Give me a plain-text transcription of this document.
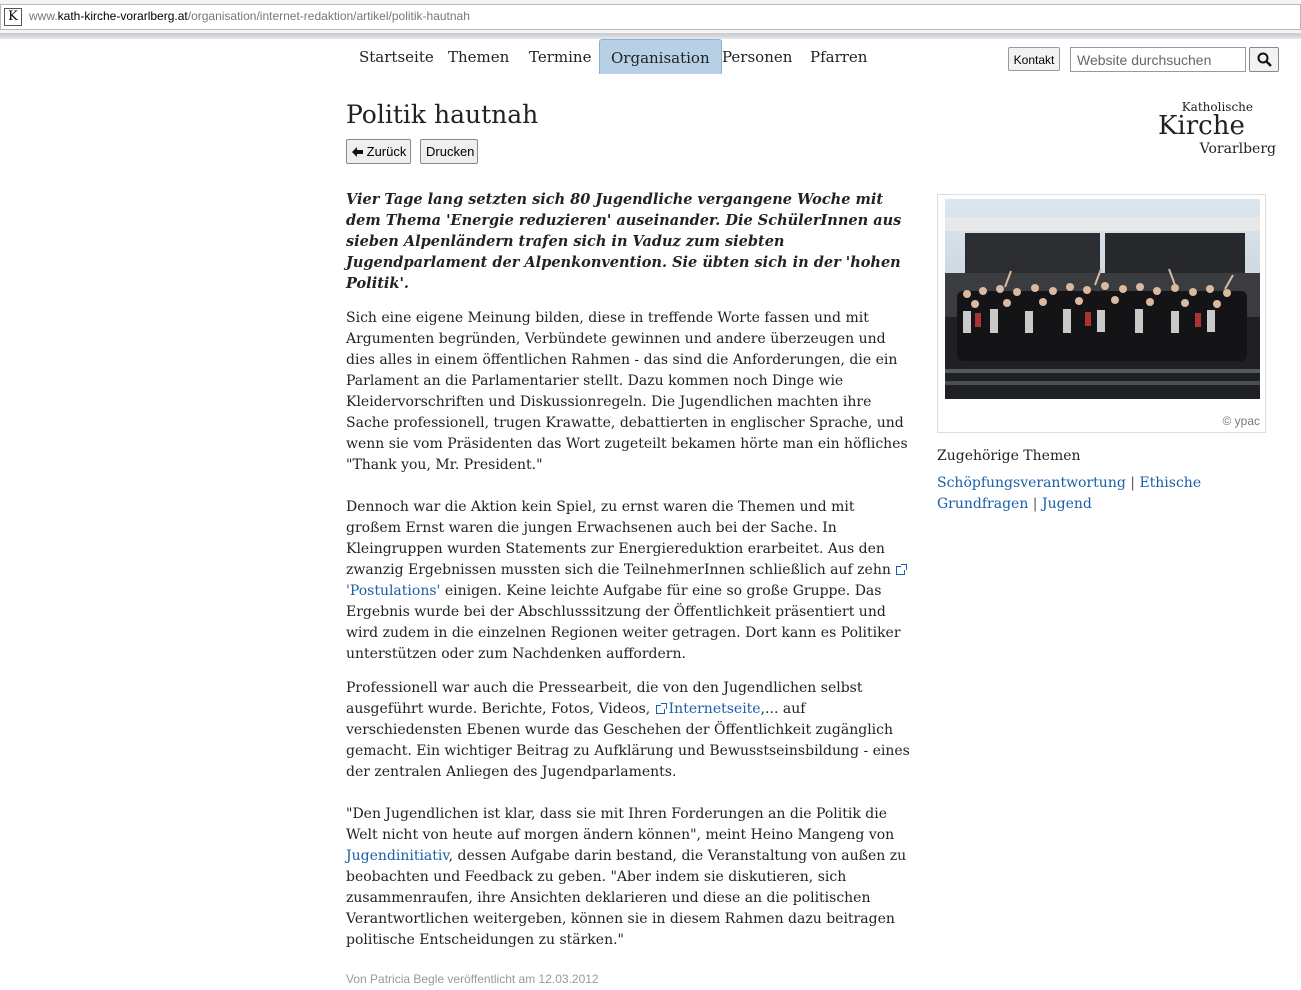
K www.kath-kirche-vorarlberg.at/organisation/internet-redaktion/artikel/politik-hautnah
Startseite Themen Termine	Organisation Personen Pfarren	Kontakt
Website durchsuchen
Katholische
Kirche
Vorarlberg
Politik hautnah
Zurück	Drucken

Vier Tage lang setzten sich 80 Jugendliche vergangene Woche mit dem Thema 'Energie reduzieren' auseinander. Die SchülerInnen aus sieben Alpenländern trafen sich in Vaduz zum siebten Jugendparlament der Alpenkonvention. Sie übten sich in der 'hohen Politik'.

Sich eine eigene Meinung bilden, diese in treffende Worte fassen und mit Argumenten begründen, Verbündete gewinnen und andere überzeugen und dies alles in einem öffentlichen Rahmen - das sind die Anforderungen, die ein Parlament an die Parlamentarier stellt. Dazu kommen noch Dinge wie Kleidervorschriften und Diskussionregeln. Die Jugendlichen machten ihre Sache professionell, trugen Krawatte, debattierten in englischer Sprache, und wenn sie vom Präsidenten das Wort zugeteilt bekamen hörte man ein höfliches "Thank you, Mr. President."

Dennoch war die Aktion kein Spiel, zu ernst waren die Themen und mit großem Ernst waren die jungen Erwachsenen auch bei der Sache. In Kleingruppen wurden Statements zur Energiereduktion erarbeitet. Aus den zwanzig Ergebnissen mussten sich die TeilnehmerInnen schließlich auf zehn 'Postulations' einigen. Keine leichte Aufgabe für eine so große Gruppe. Das Ergebnis wurde bei der Abschlusssitzung der Öffentlichkeit präsentiert und wird zudem in die einzelnen Regionen weiter getragen. Dort kann es Politiker unterstützen oder zum Nachdenken auffordern.

Professionell war auch die Pressearbeit, die von den Jugendlichen selbst ausgeführt wurde. Berichte, Fotos, Videos, Internetseite,... auf verschiedensten Ebenen wurde das Geschehen der Öffentlichkeit zugänglich gemacht. Ein wichtiger Beitrag zu Aufklärung und Bewusstseinsbildung - eines der zentralen Anliegen des Jugendparlaments.

"Den Jugendlichen ist klar, dass sie mit Ihren Forderungen an die Politik die Welt nicht von heute auf morgen ändern können", meint Heino Mangeng von Jugendinitiativ, dessen Aufgabe darin bestand, die Veranstaltung von außen zu beobachten und Feedback zu geben. "Aber indem sie diskutieren, sich zusammenraufen, ihre Ansichten deklarieren und diese an die politischen Verantwortlichen weitergeben, können sie in diesem Rahmen dazu beitragen politische Entscheidungen zu stärken."

Von Patricia Begle veröffentlicht am 12.03.2012

© ypac
Zugehörige Themen
Schöpfungsverantwortung | Ethische Grundfragen | Jugend
